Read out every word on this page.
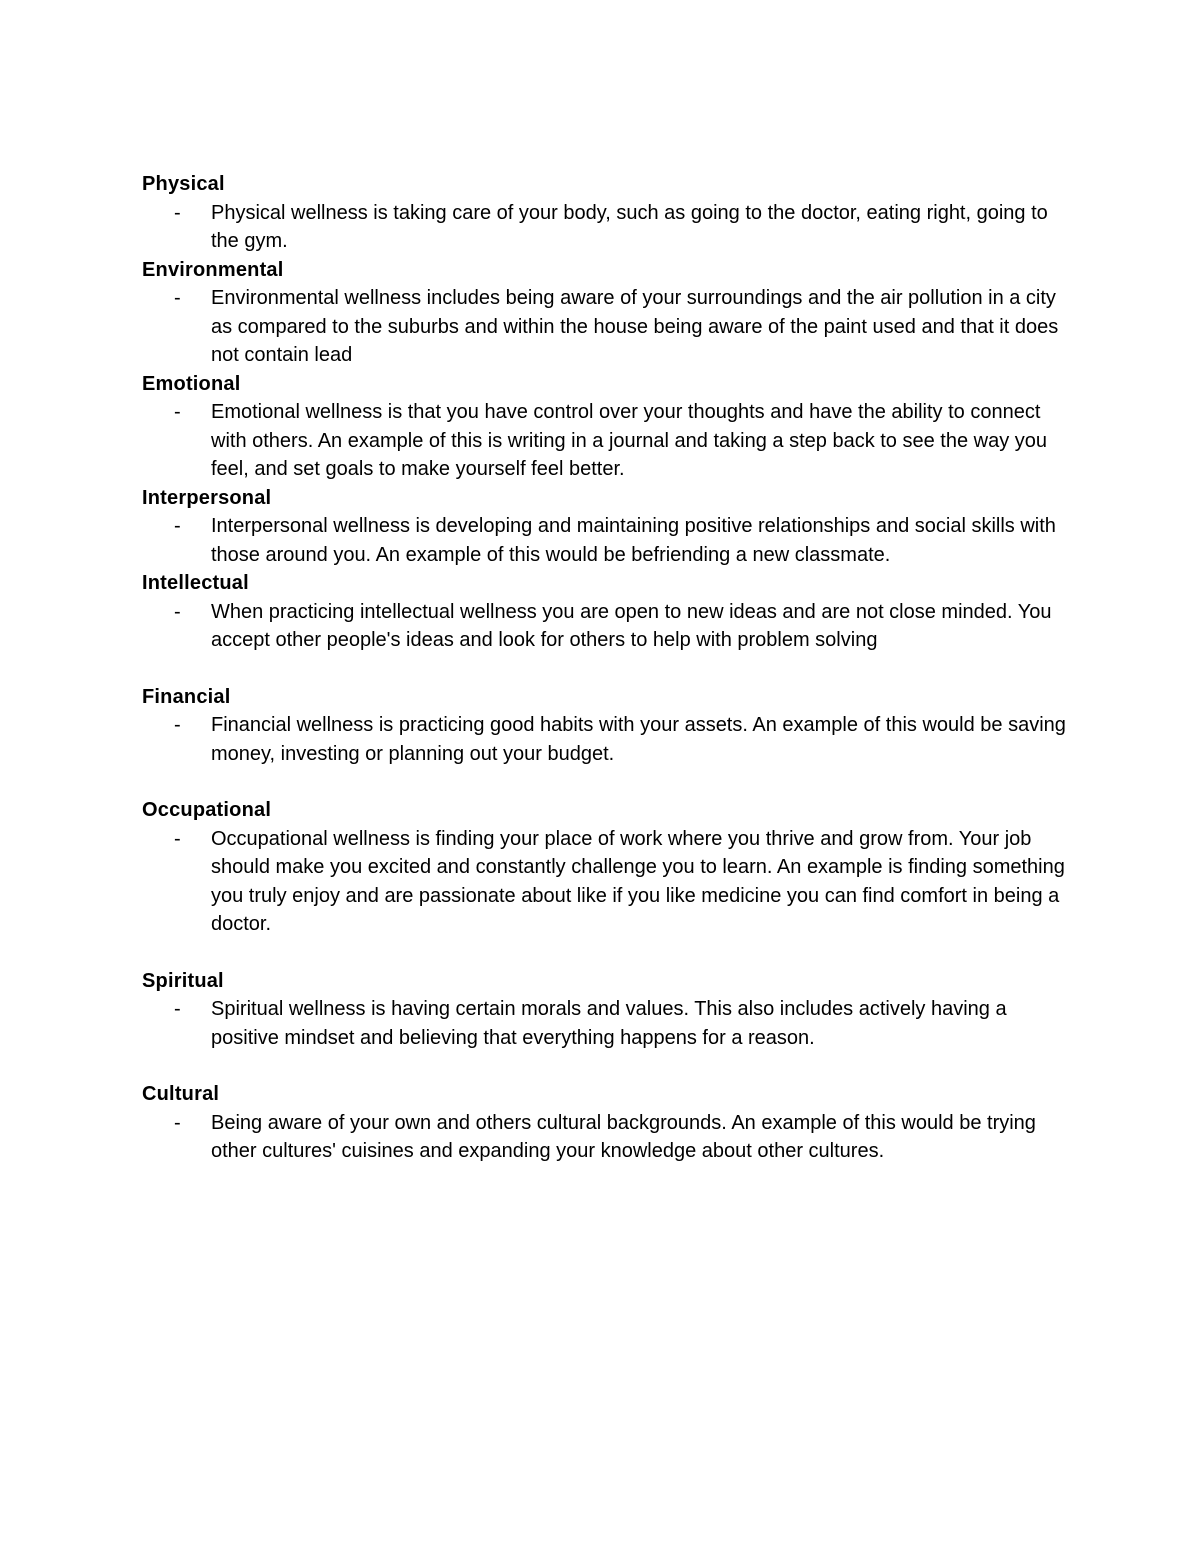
Physical
- Physical wellness is taking care of your body, such as going to the doctor, eating right, going to the gym.
Environmental
- Environmental wellness includes being aware of your surroundings and the air pollution in a city as compared to the suburbs and within the house being aware of the paint used and that it does not contain lead
Emotional
- Emotional wellness is that you have control over your thoughts and have the ability to connect with others. An example of this is writing in a journal and taking a step back to see the way you feel, and set goals to make yourself feel better.
Interpersonal
- Interpersonal wellness is developing and maintaining positive relationships and social skills with those around you. An example of this would be befriending a new classmate.
Intellectual
- When practicing intellectual wellness you are open to new ideas and are not close minded. You accept other people's ideas and look for others to help with problem solving
Financial
- Financial wellness is practicing good habits with your assets. An example of this would be saving money, investing or planning out your budget.
Occupational
- Occupational wellness is finding your place of work where you thrive and grow from. Your job should make you excited and constantly challenge you to learn. An example is finding something you truly enjoy and are passionate about like if you like medicine you can find comfort in being a doctor.
Spiritual
- Spiritual wellness is having certain morals and values. This also includes actively having a positive mindset and believing that everything happens for a reason.
Cultural
- Being aware of your own and others cultural backgrounds. An example of this would be trying other cultures' cuisines and expanding your knowledge about other cultures.
